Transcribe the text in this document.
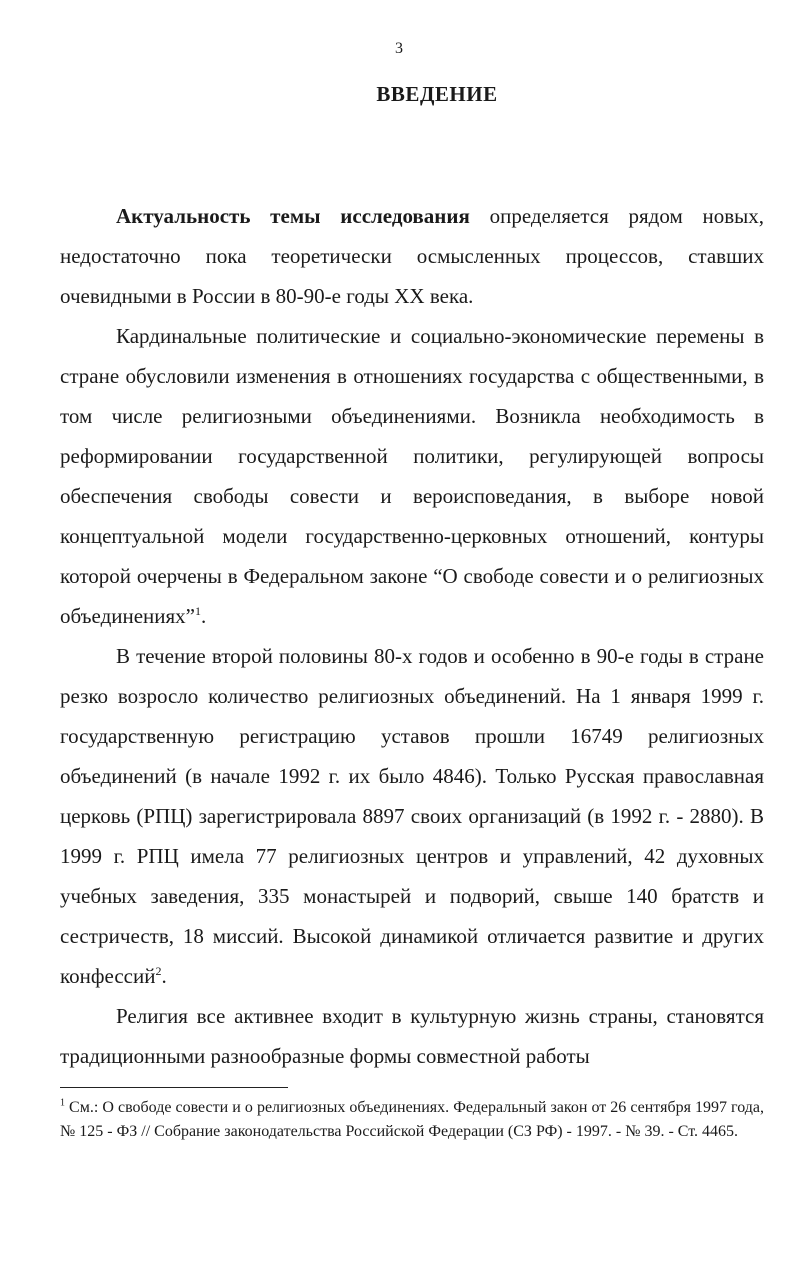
3
ВВЕДЕНИЕ

Актуальность темы исследования определяется рядом новых, недостаточно пока теоретически осмысленных процессов, ставших очевидными в России в 80-90-е годы XX века.

Кардинальные политические и социально-экономические перемены в стране обусловили изменения в отношениях государства с общественными, в том числе религиозными объединениями. Возникла необходимость в реформировании государственной политики, регулирующей вопросы обеспечения свободы совести и вероисповедания, в выборе новой концептуальной модели государственно-церковных отношений, контуры которой очерчены в Федеральном законе “О свободе совести и о религиозных объединениях”$^1$.

В течение второй половины 80-х годов и особенно в 90-е годы в стране резко возросло количество религиозных объединений. На 1 января 1999 г. государственную регистрацию уставов прошли 16749 религиозных объединений (в начале 1992 г. их было 4846). Только Русская православная церковь (РПЦ) зарегистрировала 8897 своих организаций (в 1992 г. - 2880). В 1999 г. РПЦ имела 77 религиозных центров и управлений, 42 духовных учебных заведения, 335 монастырей и подворий, свыше 140 братств и сестричеств, 18 миссий. Высокой динамикой отличается развитие и других конфессий$^2$.

Религия все активнее входит в культурную жизнь страны, становятся традиционными разнообразные формы совместной работы

$^1$ См.: О свободе совести и о религиозных объединениях. Федеральный закон от 26 сентября 1997 года, № 125 - ФЗ // Собрание законодательства Российской Федерации (СЗ РФ) - 1997. - № 39. - Ст. 4465.
